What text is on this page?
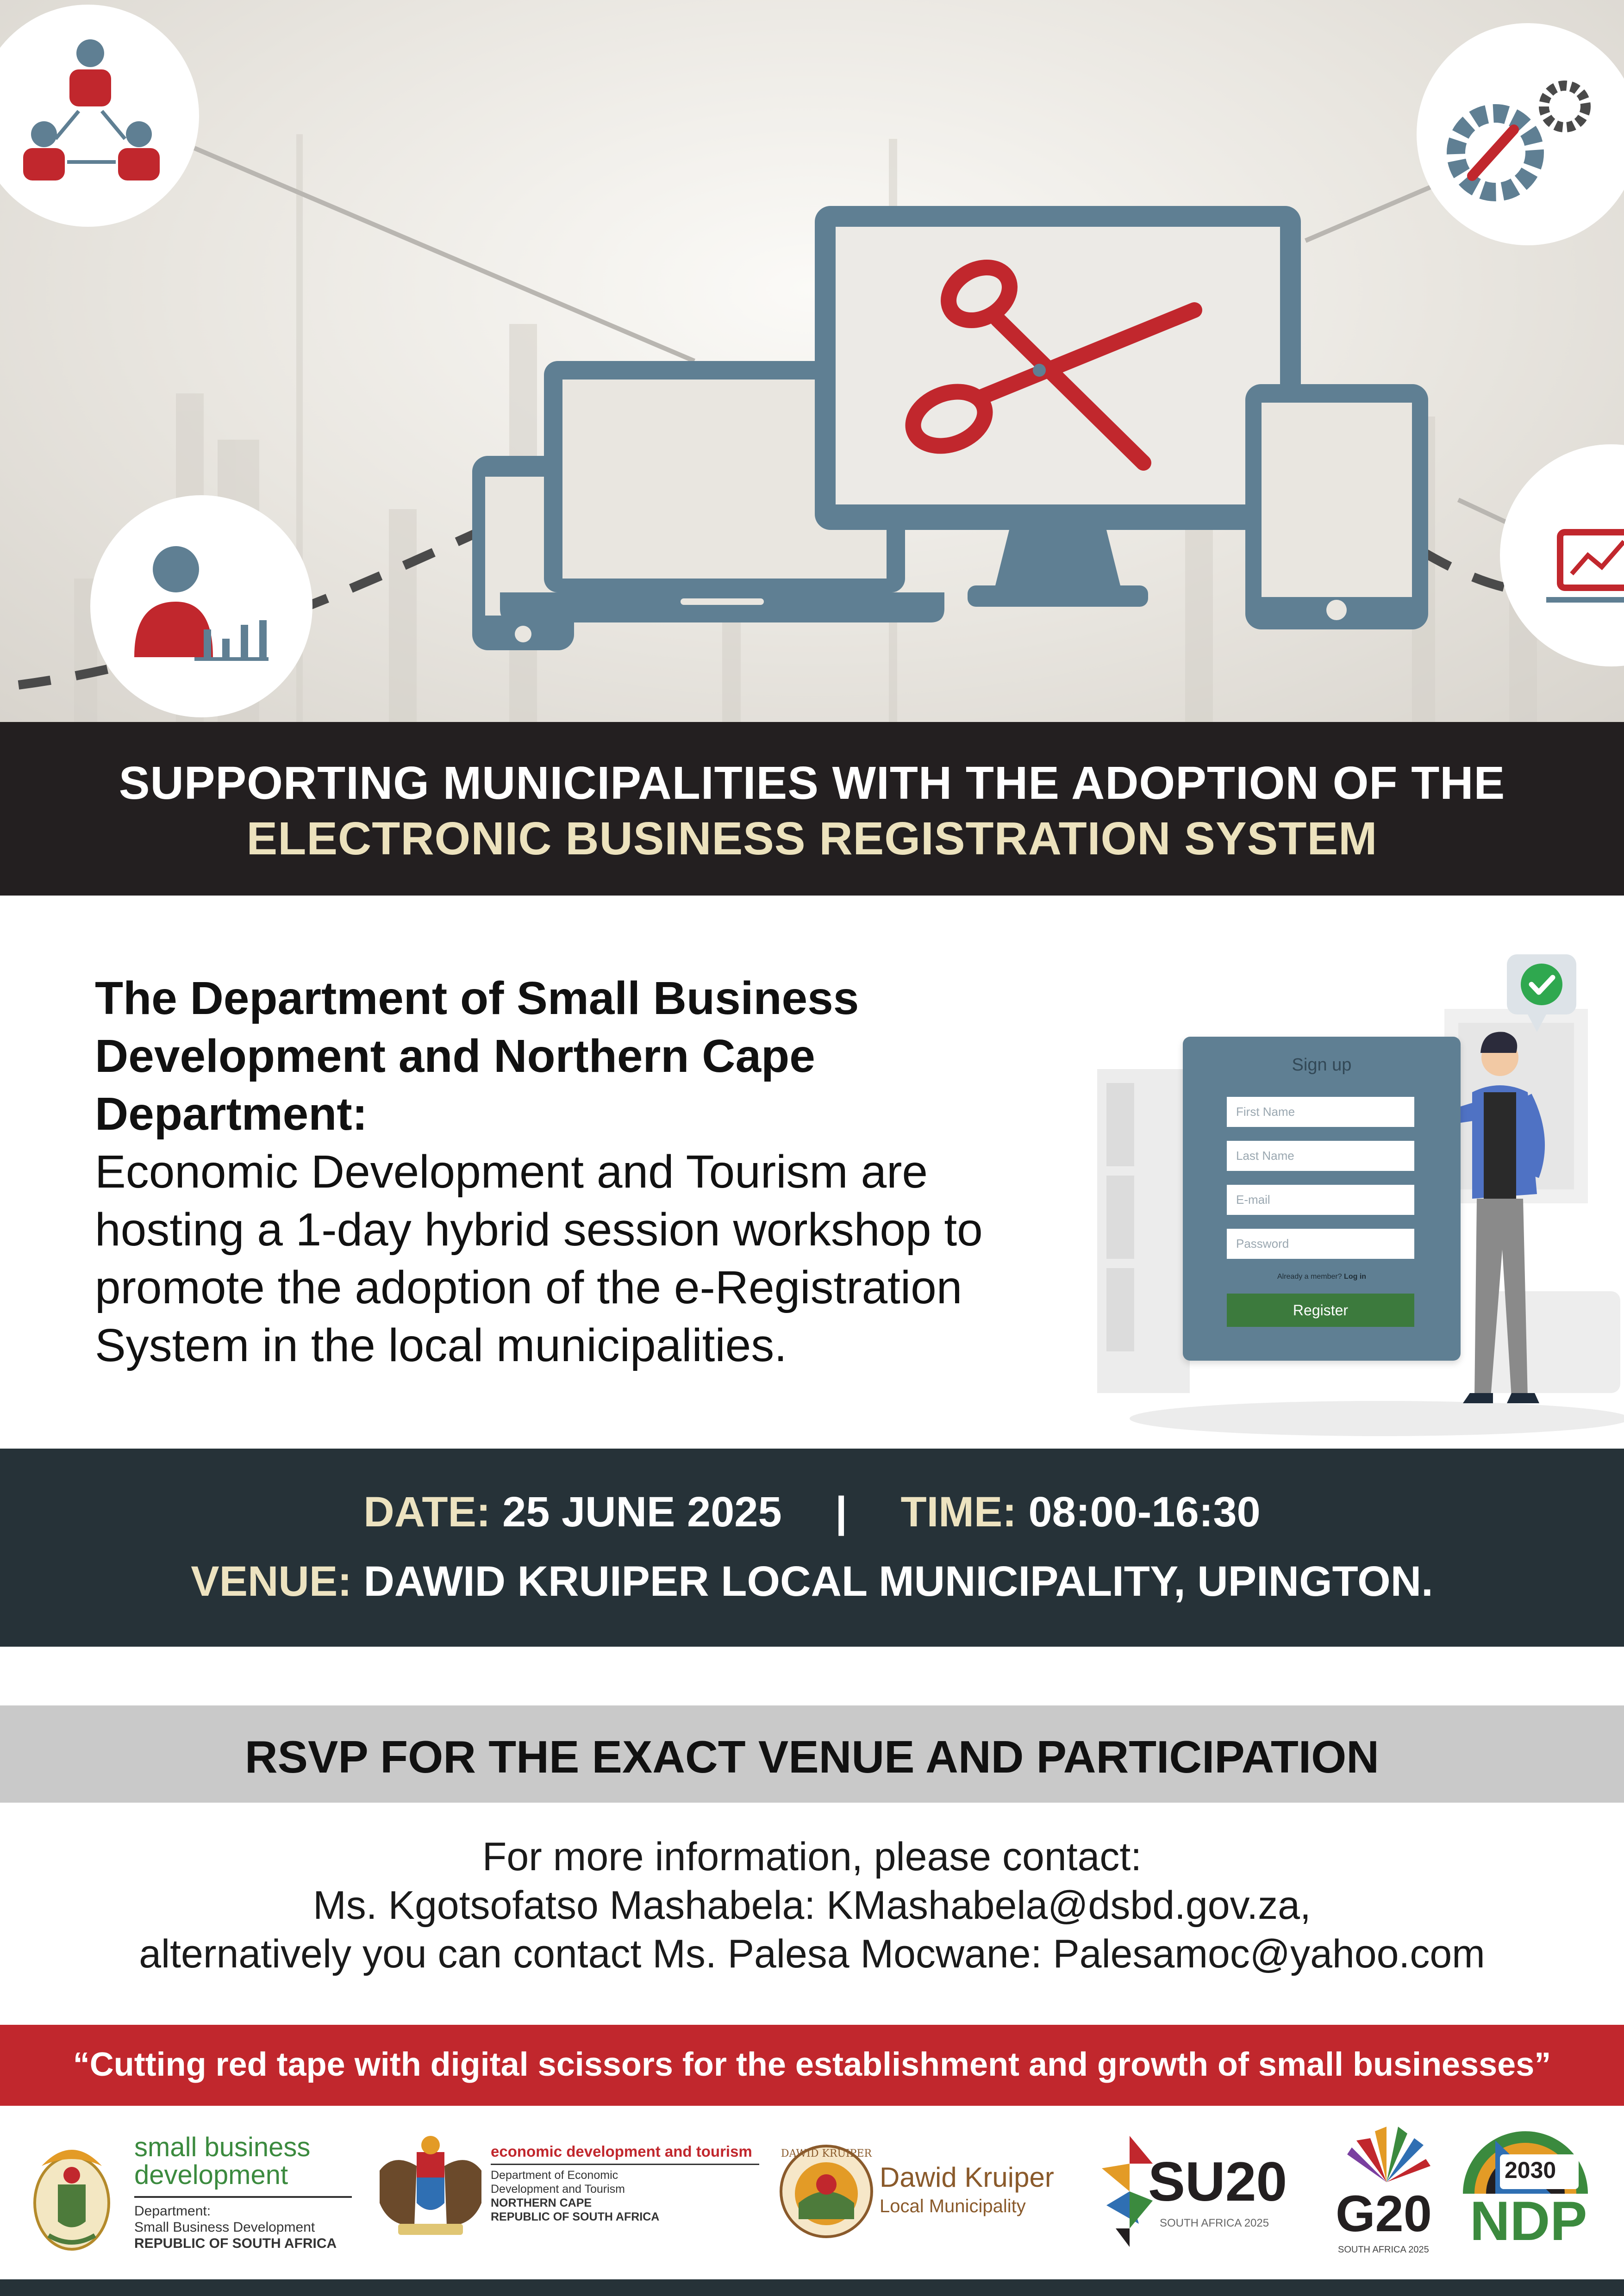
SUPPORTING MUNICIPALITIES WITH THE ADOPTION OF THE
ELECTRONIC BUSINESS REGISTRATION SYSTEM
The Department of Small Business Development and Northern Cape Department:
Economic Development and Tourism are hosting a 1-day hybrid session workshop to promote the adoption of the e-Registration System in the local municipalities.
Sign up
First Name
Last Name
E-mail
Password
Already a member? Log in
Register
DATE: 25 JUNE 2025 | TIME: 08:00-16:30
VENUE: DAWID KRUIPER LOCAL MUNICIPALITY, UPINGTON.
RSVP FOR THE EXACT VENUE AND PARTICIPATION
For more information, please contact:
Ms. Kgotsofatso Mashabela: KMashabela@dsbd.gov.za,
alternatively you can contact Ms. Palesa Mocwane: Palesamoc@yahoo.com
“Cutting red tape with digital scissors for the establishment and growth of small businesses”
small business
development
Department:
Small Business Development
REPUBLIC OF SOUTH AFRICA
economic development and tourism
Department of Economic
Development and Tourism
NORTHERN CAPE
REPUBLIC OF SOUTH AFRICA
DAWID KRUIPER
Dawid Kruiper
Local Municipality SU20
SOUTH AFRICA 2025 G20
SOUTH AFRICA 2025
2030
NDP
